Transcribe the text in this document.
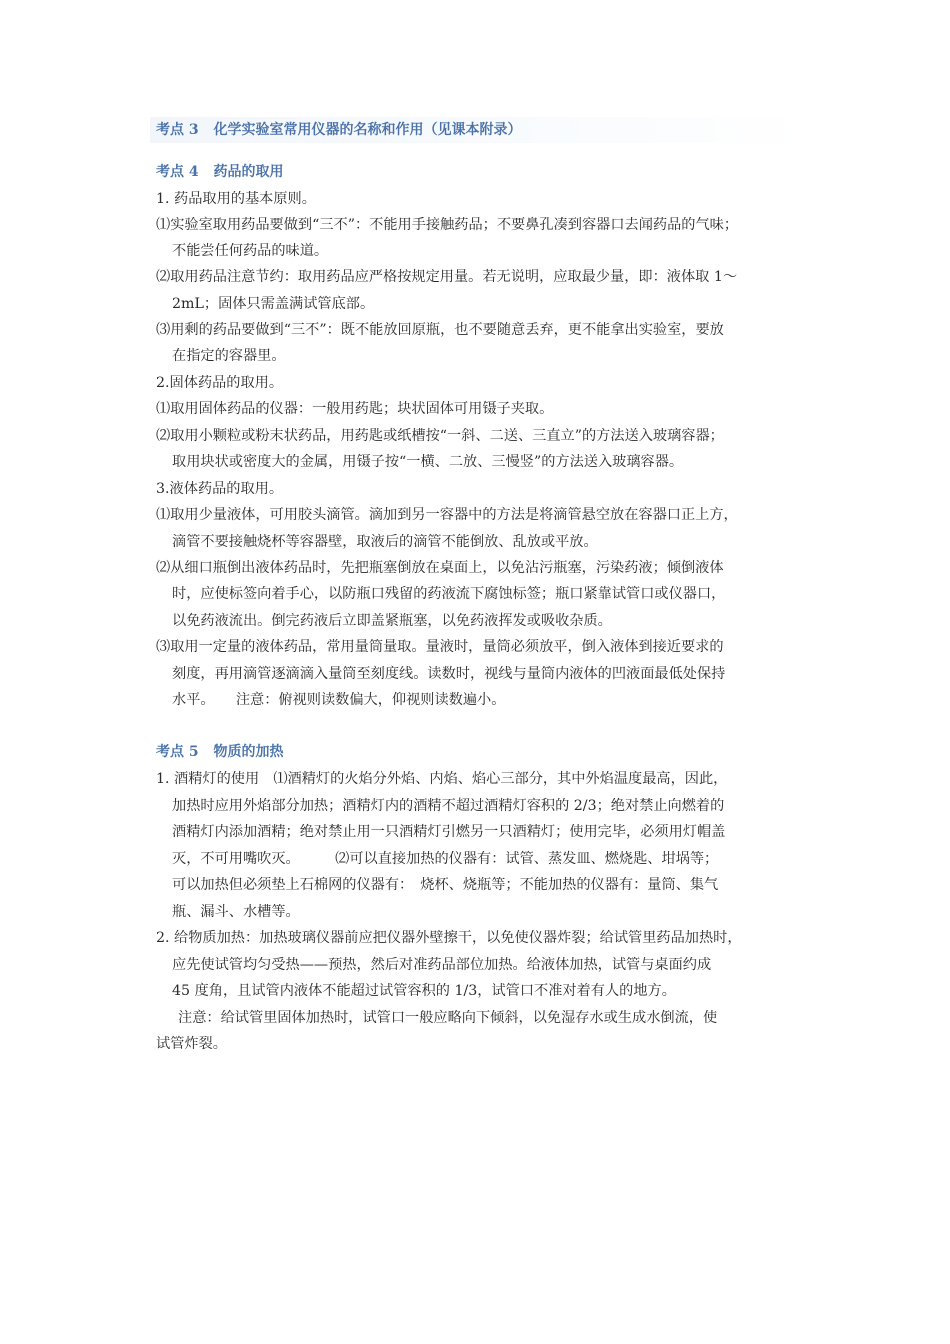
考点 3 化学实验室常用仪器的名称和作用（见课本附录）
考点 4 药品的取用
1. 药品取用的基本原则。
⑴实验室取用药品要做到“三不”：不能用手接触药品；不要鼻孔凑到容器口去闻药品的气味；
不能尝任何药品的味道。
⑵取用药品注意节约：取用药品应严格按规定用量。若无说明，应取最少量，即：液体取 1～
2mL；固体只需盖满试管底部。
⑶用剩的药品要做到“三不”：既不能放回原瓶，也不要随意丢弃，更不能拿出实验室，要放
在指定的容器里。
2.固体药品的取用。
⑴取用固体药品的仪器：一般用药匙；块状固体可用镊子夹取。
⑵取用小颗粒或粉末状药品，用药匙或纸槽按“一斜、二送、三直立”的方法送入玻璃容器；
取用块状或密度大的金属，用镊子按“一横、二放、三慢竖”的方法送入玻璃容器。
3.液体药品的取用。
⑴取用少量液体，可用胶头滴管。滴加到另一容器中的方法是将滴管悬空放在容器口正上方，
滴管不要接触烧杯等容器壁，取液后的滴管不能倒放、乱放或平放。
⑵从细口瓶倒出液体药品时，先把瓶塞倒放在桌面上，以免沾污瓶塞，污染药液；倾倒液体
时，应使标签向着手心，以防瓶口残留的药液流下腐蚀标签；瓶口紧靠试管口或仪器口，
以免药液流出。倒完药液后立即盖紧瓶塞，以免药液挥发或吸收杂质。
⑶取用一定量的液体药品，常用量筒量取。量液时，量筒必须放平，倒入液体到接近要求的
刻度，再用滴管逐滴滴入量筒至刻度线。读数时，视线与量筒内液体的凹液面最低处保持
水平。　　注意：俯视则读数偏大，仰视则读数遍小。
考点 5 物质的加热
1. 酒精灯的使用　⑴酒精灯的火焰分外焰、内焰、焰心三部分，其中外焰温度最高，因此，
加热时应用外焰部分加热；酒精灯内的酒精不超过酒精灯容积的 2/3；绝对禁止向燃着的
酒精灯内添加酒精；绝对禁止用一只酒精灯引燃另一只酒精灯；使用完毕，必须用灯帽盖
灭，不可用嘴吹灭。　　　⑵可以直接加热的仪器有：试管、蒸发皿、燃烧匙、坩埚等；
可以加热但必须垫上石棉网的仪器有：　烧杯、烧瓶等；不能加热的仪器有：量筒、集气
瓶、漏斗、水槽等。
2. 给物质加热：加热玻璃仪器前应把仪器外壁擦干，以免使仪器炸裂；给试管里药品加热时，
应先使试管均匀受热——预热，然后对准药品部位加热。给液体加热，试管与桌面约成
45 度角，且试管内液体不能超过试管容积的 1/3，试管口不准对着有人的地方。
注意：给试管里固体加热时，试管口一般应略向下倾斜，以免湿存水或生成水倒流，使
试管炸裂。
